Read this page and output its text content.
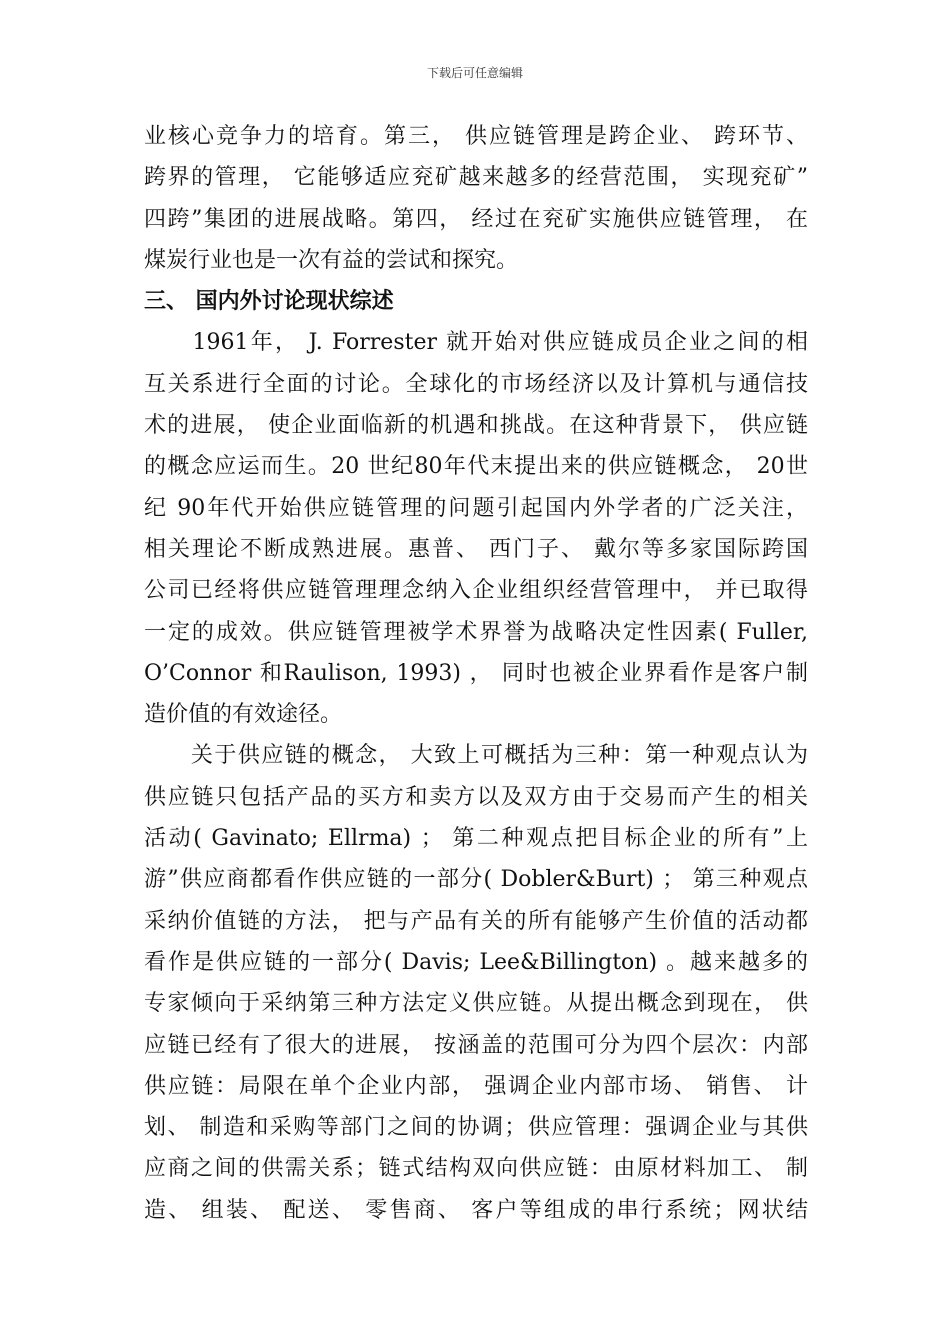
下载后可任意编辑
业核心竞争力的培育。第三， 供应链管理是跨企业、 跨环节、
跨界的管理， 它能够适应兖矿越来越多的经营范围， 实现兖矿”
四跨”集团的进展战略。第四， 经过在兖矿实施供应链管理， 在
煤炭行业也是一次有益的尝试和探究。
三、 国内外讨论现状综述
　　1961年， J. Forrester 就开始对供应链成员企业之间的相
互关系进行全面的讨论。全球化的市场经济以及计算机与通信技
术的进展， 使企业面临新的机遇和挑战。在这种背景下， 供应链
的概念应运而生。20 世纪80年代末提出来的供应链概念， 20世
纪 90年代开始供应链管理的问题引起国内外学者的广泛关注，
相关理论不断成熟进展。惠普、 西门子、 戴尔等多家国际跨国
公司已经将供应链管理理念纳入企业组织经营管理中， 并已取得
一定的成效。供应链管理被学术界誉为战略决定性因素( Fuller,
O’Connor 和Raulison, 1993) ， 同时也被企业界看作是客户制
造价值的有效途径。
　　关于供应链的概念， 大致上可概括为三种：第一种观点认为
供应链只包括产品的买方和卖方以及双方由于交易而产生的相关
活动( Gavinato; Ellrma) ； 第二种观点把目标企业的所有”上
游”供应商都看作供应链的一部分( Dobler&Burt) ； 第三种观点
采纳价值链的方法， 把与产品有关的所有能够产生价值的活动都
看作是供应链的一部分( Davis; Lee&Billington) 。越来越多的
专家倾向于采纳第三种方法定义供应链。从提出概念到现在， 供
应链已经有了很大的进展， 按涵盖的范围可分为四个层次：内部
供应链：局限在单个企业内部， 强调企业内部市场、 销售、 计
划、 制造和采购等部门之间的协调；供应管理：强调企业与其供
应商之间的供需关系；链式结构双向供应链：由原材料加工、 制
造、 组装、 配送、 零售商、 客户等组成的串行系统；网状结
